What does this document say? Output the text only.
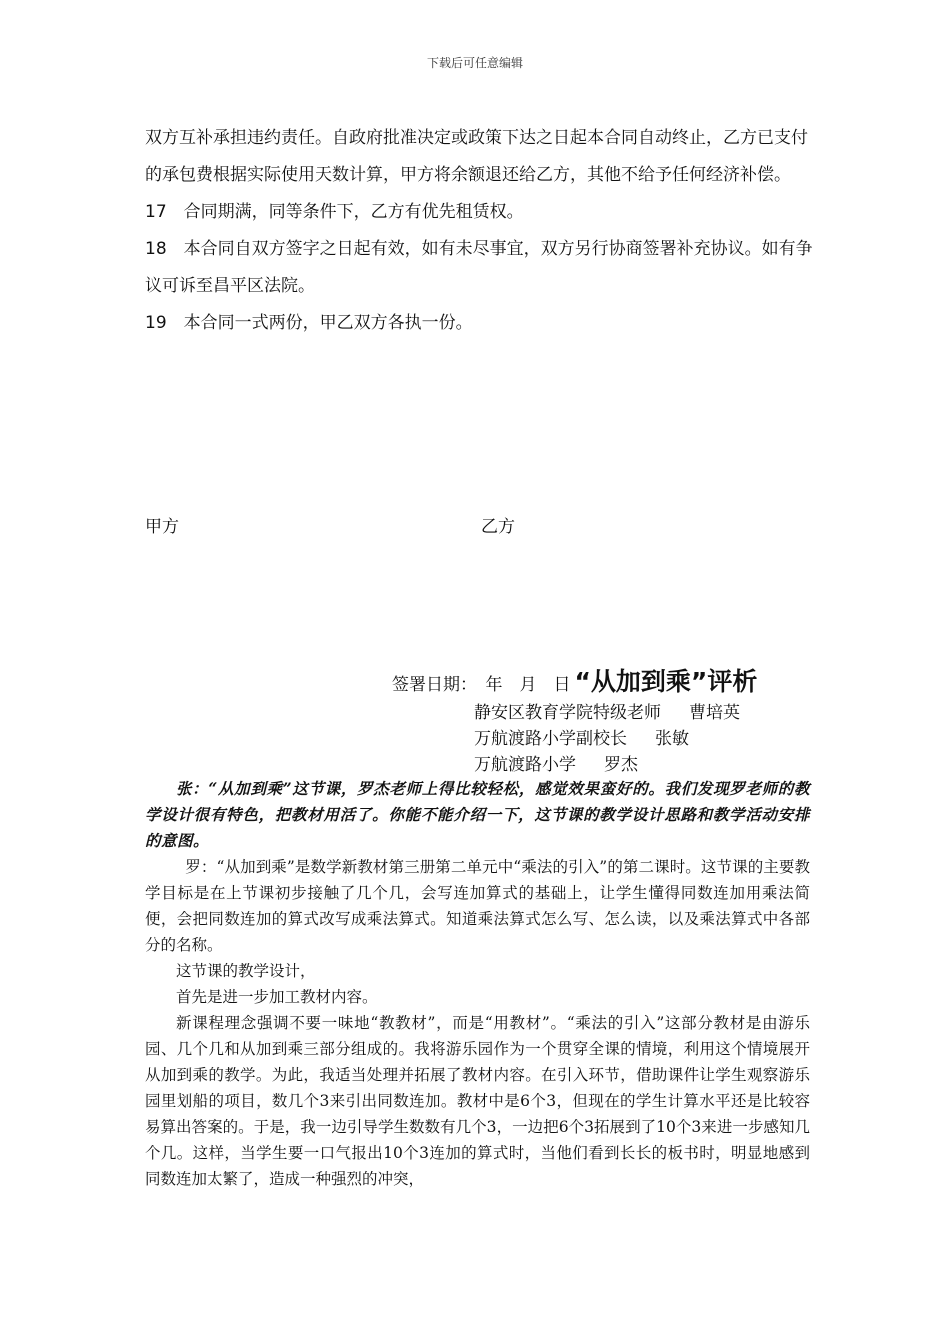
下载后可任意编辑

双方互补承担违约责任。自政府批准决定或政策下达之日起本合同自动终止，乙方已支付的承包费根据实际使用天数计算，甲方将余额退还给乙方，其他不给予任何经济补偿。

17　合同期满，同等条件下，乙方有优先租赁权。

18　本合同自双方签字之日起有效，如有未尽事宜，双方另行协商签署补充协议。如有争议可诉至昌平区法院。

19　本合同一式两份，甲乙双方各执一份。

甲方	乙方
签署日期：　年　月　日 “从加到乘”评析
静安区教育学院特级老师 曹培英
万航渡路小学副校长 张敏
万航渡路小学 罗杰

张：“从加到乘”这节课，罗杰老师上得比较轻松，感觉效果蛮好的。我们发现罗老师的教学设计很有特色，把教材用活了。你能不能介绍一下，这节课的教学设计思路和教学活动安排的意图。

罗：“从加到乘”是数学新教材第三册第二单元中“乘法的引入”的第二课时。这节课的主要教学目标是在上节课初步接触了几个几，会写连加算式的基础上，让学生懂得同数连加用乘法简便，会把同数连加的算式改写成乘法算式。知道乘法算式怎么写、怎么读，以及乘法算式中各部分的名称。

这节课的教学设计，

首先是进一步加工教材内容。

新课程理念强调不要一味地“教教材”，而是“用教材”。“乘法的引入”这部分教材是由游乐园、几个几和从加到乘三部分组成的。我将游乐园作为一个贯穿全课的情境，利用这个情境展开从加到乘的教学。为此，我适当处理并拓展了教材内容。在引入环节，借助课件让学生观察游乐园里划船的项目，数几个3来引出同数连加。教材中是6个3，但现在的学生计算水平还是比较容易算出答案的。于是，我一边引导学生数数有几个3，一边把6个3拓展到了10个3来进一步感知几个几。这样，当学生要一口气报出10个3连加的算式时，当他们看到长长的板书时，明显地感到同数连加太繁了，造成一种强烈的冲突，
